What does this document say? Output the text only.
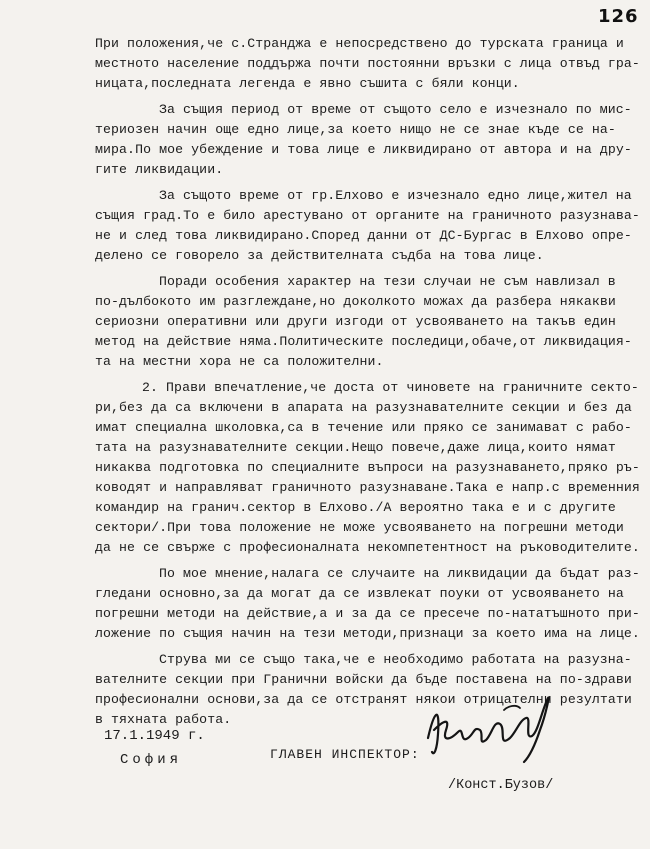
126
При положения,че с.Странджа е непосредствено до турската граница и
местното население поддържа почти постоянни връзки с лица отвъд гра-
ницата,последната легенда е явно съшита с бяли конци.
За същия период от време от същото село е изчезнало по мис-
териозен начин още едно лице,за което нищо не се знае къде се на-
мира.По мое убеждение и това лице е ликвидирано от автора и на дру-
гите ликвидации.
За същото време от гр.Елхово е изчезнало едно лице,жител на
същия град.То е било арестувано от органите на граничното разузнава-
не и след това ликвидирано.Според данни от ДС-Бургас в Елхово опре-
делено се говорело за действителната съдба на това лице.
Поради особения характер на тези случаи не съм навлизал в
по-дълбокото им разглеждане,но доколкото можах да разбера някакви
сериозни оперативни или други изгоди от усвояването на такъв един
метод на действие няма.Политическите последици,обаче,от ликвидация-
та на местни хора не са положителни.
2. Прави впечатление,че доста от чиновете на граничните секто-
ри,без да са включени в апарата на разузнавателните секции и без да
имат специална школовка,са в течение или пряко се занимават с рабо-
тата на разузнавателните секции.Нещо повече,даже лица,които нямат
никаква подготовка по специалните въпроси на разузнаването,пряко ръ-
ководят и направляват граничното разузнаване.Така е напр.с временния
командир на гранич.сектор в Елхово./А вероятно така е и с другите
сектори/.При това положение не може усвояването на погрешни методи
да не се свърже с професионалната некомпетентност на ръководителите.
По мое мнение,налага се случаите на ликвидации да бъдат раз-
гледани основно,за да могат да се извлекат поуки от усвояването на
погрешни методи на действие,а и за да се пресече по-нататъшното при-
ложение по същия начин на тези методи,признаци за което има на лице.
Струва ми се също така,че е необходимо работата на разузна-
вателните секции при Гранични войски да бъде поставена на по-здрави
професионални основи,за да се отстранят някои отрицателни резултати
в тяхната работа.
17.1.1949 г.
София	ГЛАВЕН ИНСПЕКТОР:
/Конст.Бузов/
